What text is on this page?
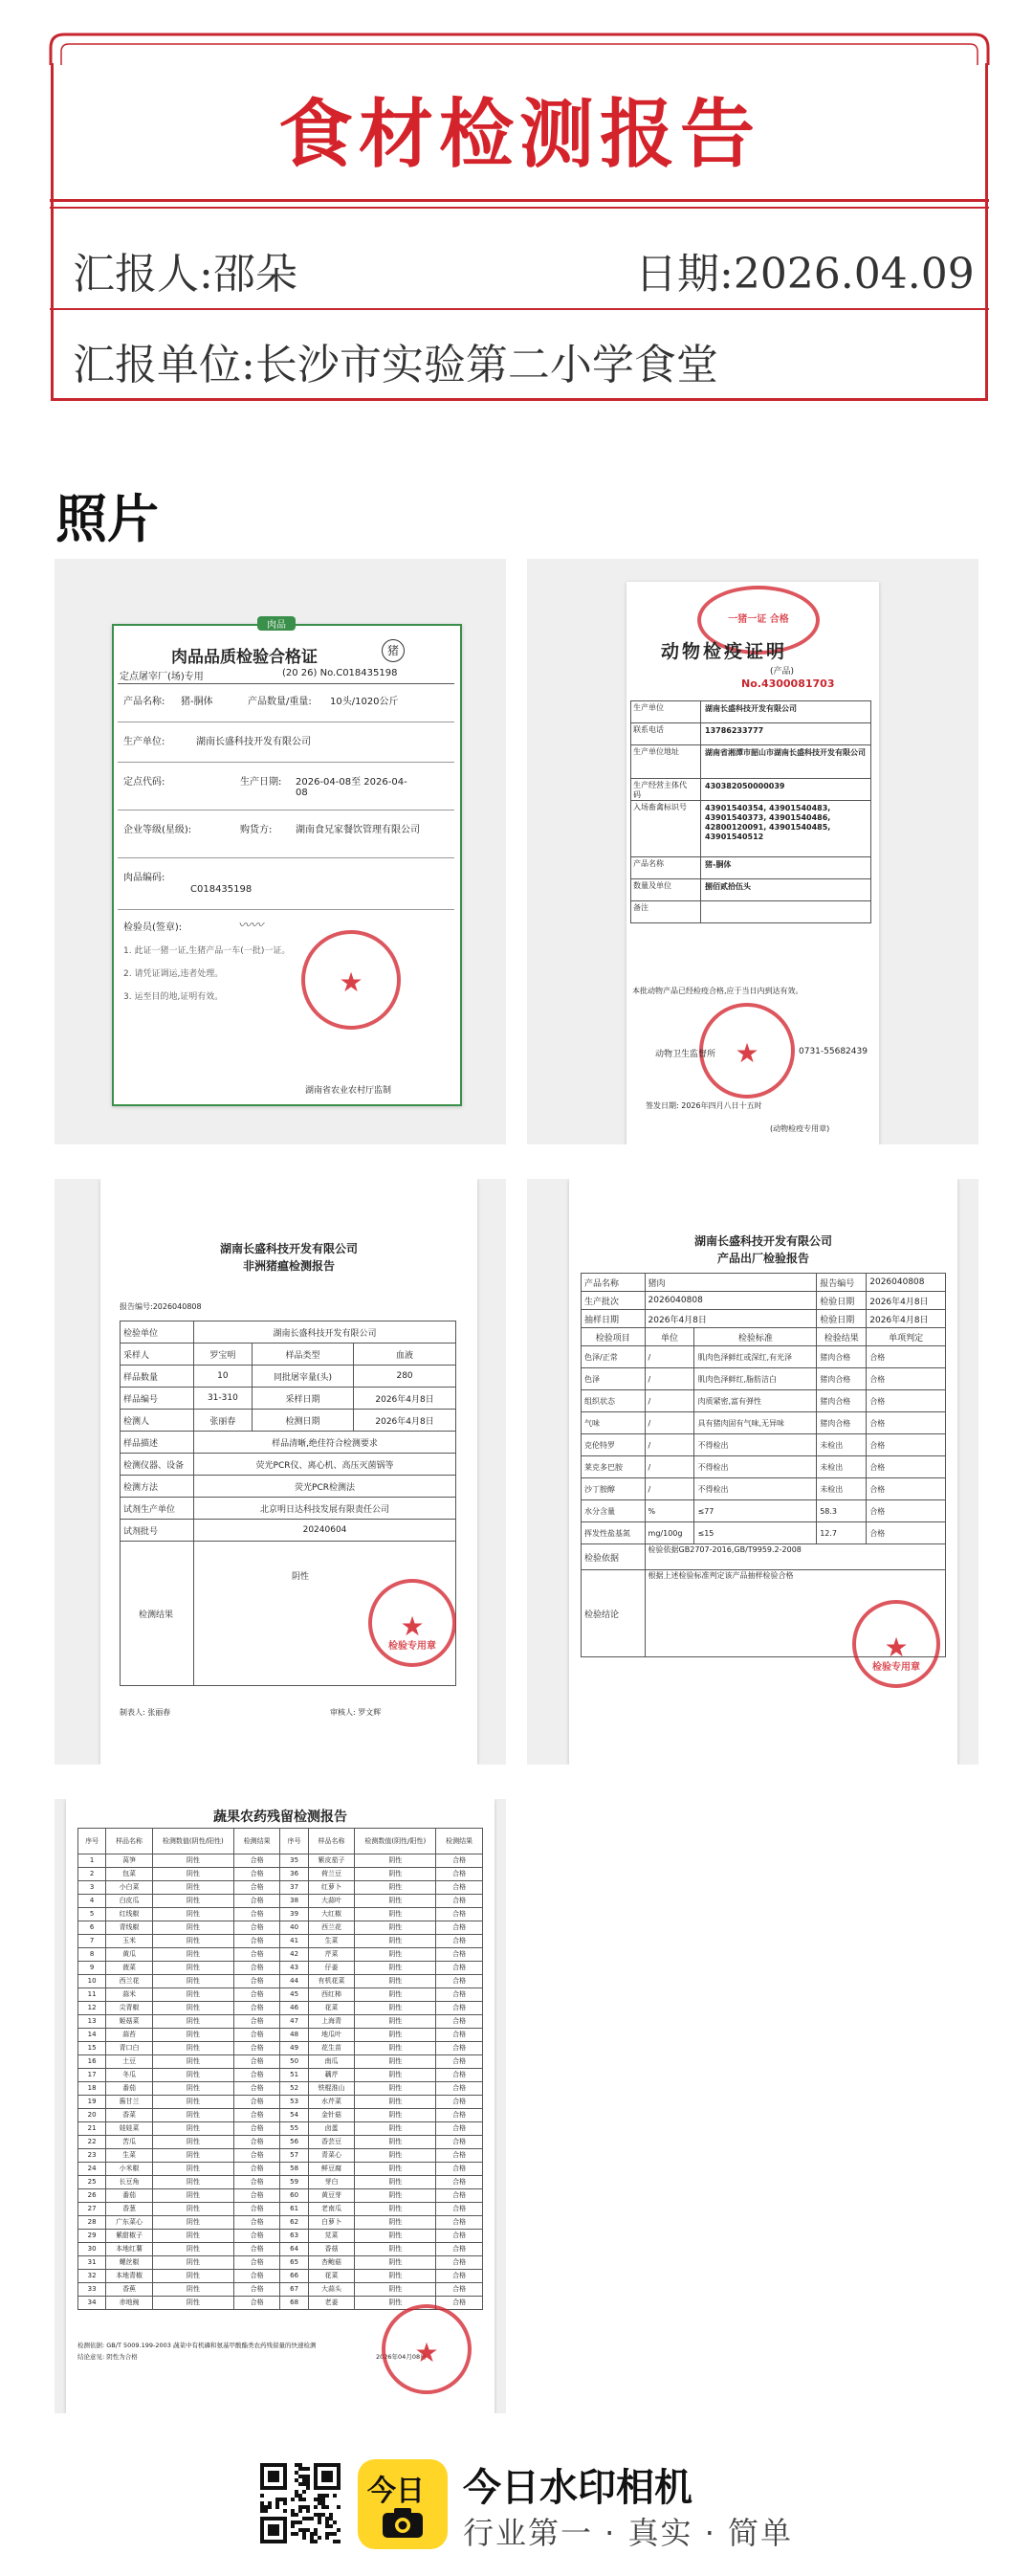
食材检测报告
汇报人:邵朵	日期:2026.04.09
汇报单位:长沙市实验第二小学食堂
照片
肉品
肉品品质检验合格证	猪
定点屠宰厂(场)专用	(20 26) No.C018435198
产品名称: 猪-胴体	产品数量/重量: 10头/1020公斤
生产单位:	湖南长盛科技开发有限公司
定点代码:	生产日期: 2026-04-08至 2026-04-08
企业等级(星级):	购货方: 湖南食兄家餐饮管理有限公司
肉品编码:
C018435198
检验员(签章):	〰〰
1. 此证一猪一证,生猪产品一车(一批)一证。
2. 请凭证调运,违者处理。
3. 运至目的地,证明有效。	★
湖南省农业农村厅监制
一猪一证 合格
动物检疫证明
(产品)
No.4300081703
生产单位	湖南长盛科技开发有限公司
联系电话	13786233777
生产单位地址	湖南省湘潭市韶山市湖南长盛科技开发有限公司
生产经营主体代码
430382050000039
入场畜禽标识号	43901540354, 43901540483, 43901540373, 43901540486, 42800120091, 43901540485, 43901540512
产品名称	猪-胴体
数量及单位	捌佰贰拾伍头
备注
本批动物产品已经检疫合格,应于当日内到达有效。
★
动物卫生监督所	0731-55682439
签发日期: 2026年四月八日十五时
(动物检疫专用章)
湖南长盛科技开发有限公司
非洲猪瘟检测报告
报告编号:2026040808
检验单位	湖南长盛科技开发有限公司		
采样人	罗宝明	样品类型	血液
样品数量	10	同批屠宰量(头)	280
样品编号	31-310	采样日期	2026年4月8日
检测人	张丽春	检测日期	2026年4月8日
样品描述	样品清晰,绝佳符合检测要求		
检测仪器、设备	荧光PCR仪、离心机、高压灭菌锅等		
检测方法	荧光PCR检测法		
试剂生产单位	北京明日达科技发展有限责任公司		
试剂批号	20240604		

检测结果
阴性
★
检验专用章
制表人: 张丽春	审核人: 罗文辉
湖南长盛科技开发有限公司
产品出厂检验报告
产品名称	猪肉		报告编号	2026040808
生产批次	2026040808		检验日期	2026年4月8日
抽样日期	2026年4月8日		检验日期	2026年4月8日
检验项目	单位	检验标准	检验结果	单项判定
色泽/正常	/	肌肉色泽鲜红或深红,有光泽	猪肉合格	合格
色泽	/	肌肉色泽鲜红,脂肪洁白	猪肉合格	合格
组织状态	/	肉质紧密,富有弹性	猪肉合格	合格
气味	/	具有猪肉固有气味,无异味	猪肉合格	合格
克伦特罗	/	不得检出	未检出	合格
莱克多巴胺	/	不得检出	未检出	合格
沙丁胺醇	/	不得检出	未检出	合格
水分含量	%	≤77	58.3	合格
挥发性盐基氮	mg/100g	≤15	12.7	合格
检验依据	检验依据GB2707-2016,GB/T9959.2-2008			
检验结论	根据上述检验标准判定该产品抽样检验合格			
★
检验专用章
蔬果农药残留检测报告
序号	样品名称	检测数值(阴性/阳性)	检测结果	序号	样品名称	检测数值(阴性/阳性)	检测结果
1	莴笋	阴性	合格	35	紫皮茄子	阴性	合格
2	包菜	阴性	合格	36	荷兰豆	阴性	合格
3	小白菜	阴性	合格	37	红萝卜	阴性	合格
4	白皮瓜	阴性	合格	38	大蒜叶	阴性	合格
5	红线椒	阴性	合格	39	大红椒	阴性	合格
6	青线椒	阴性	合格	40	西兰花	阴性	合格
7	玉米	阴性	合格	41	生菜	阴性	合格
8	黄瓜	阴性	合格	42	芹菜	阴性	合格
9	菠菜	阴性	合格	43	仔姜	阴性	合格
10	西兰花	阴性	合格	44	有机花菜	阴性	合格
11	蒜米	阴性	合格	45	西红柿	阴性	合格
12	尖青椒	阴性	合格	46	花菜	阴性	合格
13	姬菇菜	阴性	合格	47	上海青	阴性	合格
14	蒜苔	阴性	合格	48	地瓜叶	阴性	合格
15	青口白	阴性	合格	49	花生苗	阴性	合格
16	土豆	阴性	合格	50	南瓜	阴性	合格
17	冬瓜	阴性	合格	51	藕芹	阴性	合格
18	番茄	阴性	合格	52	铁棍淮山	阴性	合格
19	酱甘兰	阴性	合格	53	水芹菜	阴性	合格
20	香菜	阴性	合格	54	金针菇	阴性	合格
21	娃娃菜	阴性	合格	55	卤蛋	阴性	合格
22	苦瓜	阴性	合格	56	香芸豆	阴性	合格
23	生菜	阴性	合格	57	青菜心	阴性	合格
24	小米椒	阴性	合格	58	鲜豆腐	阴性	合格
25	长豆角	阴性	合格	59	芽白	阴性	合格
26	番茄	阴性	合格	60	黄豆芽	阴性	合格
27	香葱	阴性	合格	61	老南瓜	阴性	合格
28	广东菜心	阴性	合格	62	白萝卜	阴性	合格
29	紫甜椒子	阴性	合格	63	苋菜	阴性	合格
30	本地红薯	阴性	合格	64	香菇	阴性	合格
31	螺丝椒	阴性	合格	65	杏鲍菇	阴性	合格
32	本地青椒	阴性	合格	66	花菜	阴性	合格
33	香蕉	阴性	合格	67	大蒜头	阴性	合格
34	赤地豌	阴性	合格	68	老姜	阴性	合格
检测依据: GB/T 5009.199-2003 蔬菜中有机磷和氨基甲酸酯类农药残留量的快速检测
结论意见: 阴性为合格	2026年04月08日
★
今日 今日水印相机
行业第一 · 真实 · 简单
